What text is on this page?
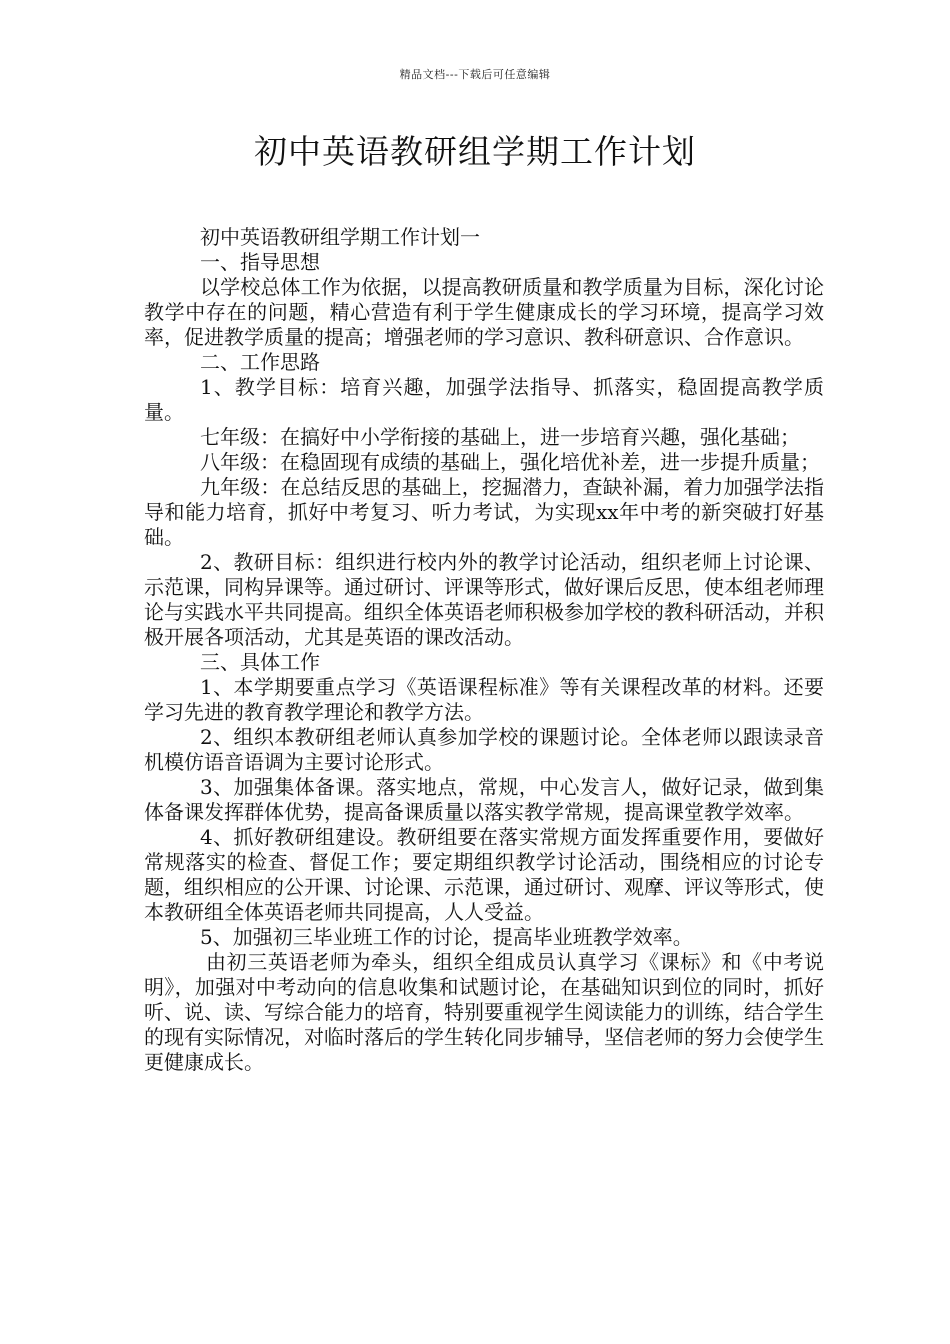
精品文档---下载后可任意编辑
初中英语教研组学期工作计划

初中英语教研组学期工作计划一

一、指导思想

以学校总体工作为依据，以提高教研质量和教学质量为目标，深化讨论教学中存在的问题，精心营造有利于学生健康成长的学习环境，提高学习效率，促进教学质量的提高；增强老师的学习意识、教科研意识、合作意识。

二、工作思路

1、教学目标：培育兴趣，加强学法指导、抓落实，稳固提高教学质量。

七年级：在搞好中小学衔接的基础上，进一步培育兴趣，强化基础；

八年级：在稳固现有成绩的基础上，强化培优补差，进一步提升质量；

九年级：在总结反思的基础上，挖掘潜力，查缺补漏，着力加强学法指导和能力培育，抓好中考复习、听力考试，为实现xx年中考的新突破打好基础。

2、教研目标：组织进行校内外的教学讨论活动，组织老师上讨论课、示范课，同构异课等。通过研讨、评课等形式，做好课后反思，使本组老师理论与实践水平共同提高。组织全体英语老师积极参加学校的教科研活动，并积极开展各项活动，尤其是英语的课改活动。

三、具体工作

1、本学期要重点学习《英语课程标准》等有关课程改革的材料。还要学习先进的教育教学理论和教学方法。

2、组织本教研组老师认真参加学校的课题讨论。全体老师以跟读录音机模仿语音语调为主要讨论形式。

3、加强集体备课。落实地点，常规，中心发言人，做好记录，做到集体备课发挥群体优势，提高备课质量以落实教学常规，提高课堂教学效率。

4、抓好教研组建设。教研组要在落实常规方面发挥重要作用，要做好常规落实的检查、督促工作；要定期组织教学讨论活动，围绕相应的讨论专题，组织相应的公开课、讨论课、示范课，通过研讨、观摩、评议等形式，使本教研组全体英语老师共同提高，人人受益。

5、加强初三毕业班工作的讨论，提高毕业班教学效率。

由初三英语老师为牵头，组织全组成员认真学习《课标》和《中考说明》，加强对中考动向的信息收集和试题讨论，在基础知识到位的同时，抓好听、说、读、写综合能力的培育，特别要重视学生阅读能力的训练，结合学生的现有实际情况，对临时落后的学生转化同步辅导，坚信老师的努力会使学生更健康成长。
